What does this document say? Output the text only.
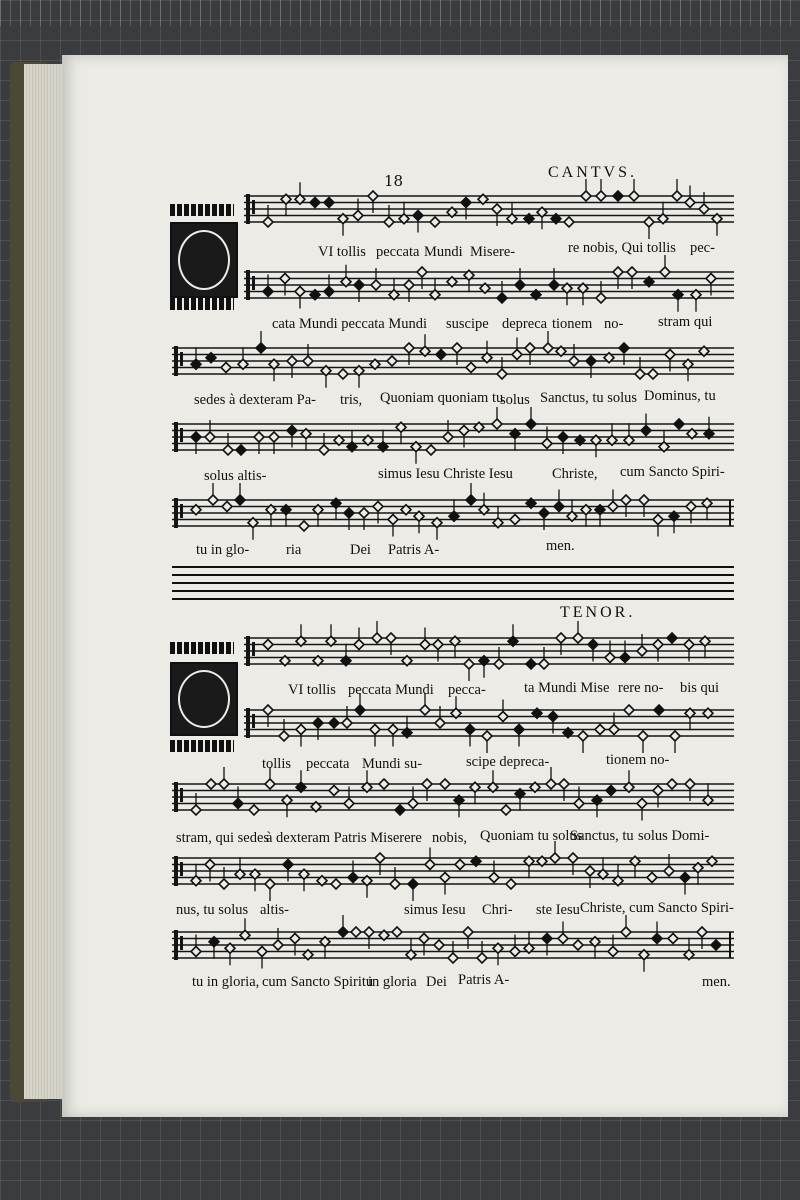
18	CANTVS.
TENOR.
VI tollis peccata Mundi Misere-	re nobis, Qui tollis pec-
cata Mundi peccata Mundi suscipe depreca tionem no- stram qui
sedes à dexteram Pa- tris, Quoniam quoniam tu
solus Sanctus, tu solus Dominus, tu
solus altis-	simus Iesu Christe Iesu	Christe, cum Sancto Spiri-
tu in glo-	ria	Dei Patris A-	men.
VI tollis peccata Mundi pecca-	ta Mundi Mise rere no- bis qui
tollis peccata Mundi su-	scipe depreca-	tionem no-
stram, qui sedes
à dexteram Patris Miserere nobis, Quoniam tu solus
Sanctus, tu solus Domi-
nus, tu solus altis-	simus Iesu Chri- ste Iesu Christe, cum Sancto Spiri-
tu in gloria, cum Sancto Spiritu
in gloria Dei Patris A-	men.
